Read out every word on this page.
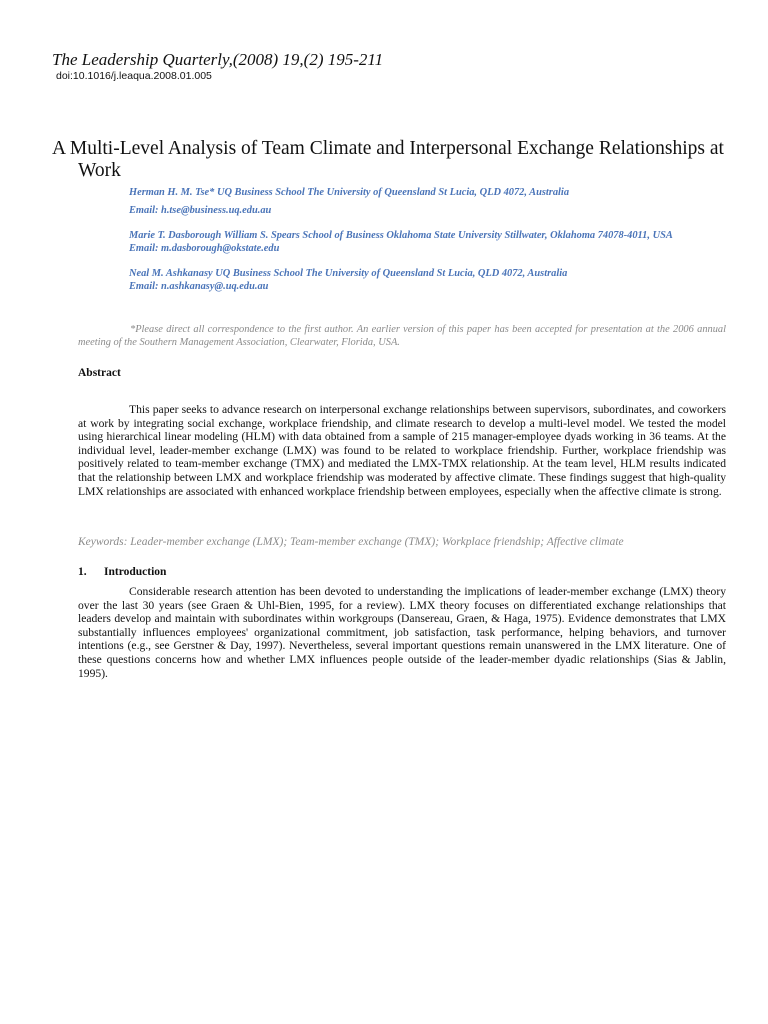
The Leadership Quarterly,(2008) 19,(2) 195-211
doi:10.1016/j.leaqua.2008.01.005
A Multi-Level Analysis of Team Climate and Interpersonal Exchange Relationships at Work

Herman H. M. Tse* UQ Business School The University of Queensland St Lucia, QLD 4072, Australia

Email: h.tse@business.uq.edu.au

Marie T. Dasborough William S. Spears School of Business Oklahoma State University Stillwater, Oklahoma 74078-4011, USA

Email: m.dasborough@okstate.edu

Neal M. Ashkanasy UQ Business School The University of Queensland St Lucia, QLD 4072, Australia

Email: n.ashkanasy@.uq.edu.au

*Please direct all correspondence to the first author. An earlier version of this paper has been accepted for presentation at the 2006 annual meeting of the Southern Management Association, Clearwater, Florida, USA.
Abstract
This paper seeks to advance research on interpersonal exchange relationships between supervisors, subordinates, and coworkers at work by integrating social exchange, workplace friendship, and climate research to develop a multi-level model. We tested the model using hierarchical linear modeling (HLM) with data obtained from a sample of 215 manager-employee dyads working in 36 teams. At the individual level, leader-member exchange (LMX) was found to be related to workplace friendship. Further, workplace friendship was positively related to team-member exchange (TMX) and mediated the LMX-TMX relationship. At the team level, HLM results indicated that the relationship between LMX and workplace friendship was moderated by affective climate. These findings suggest that high-quality LMX relationships are associated with enhanced workplace friendship between employees, especially when the affective climate is strong.
Keywords: Leader-member exchange (LMX); Team-member exchange (TMX); Workplace friendship; Affective climate
1. Introduction
Considerable research attention has been devoted to understanding the implications of leader-member exchange (LMX) theory over the last 30 years (see Graen & Uhl-Bien, 1995, for a review). LMX theory focuses on differentiated exchange relationships that leaders develop and maintain with subordinates within workgroups (Dansereau, Graen, & Haga, 1975). Evidence demonstrates that LMX substantially influences employees' organizational commitment, job satisfaction, task performance, helping behaviors, and turnover intentions (e.g., see Gerstner & Day, 1997). Nevertheless, several important questions remain unanswered in the LMX literature. One of these questions concerns how and whether LMX influences people outside of the leader-member dyadic relationships (Sias & Jablin, 1995).
